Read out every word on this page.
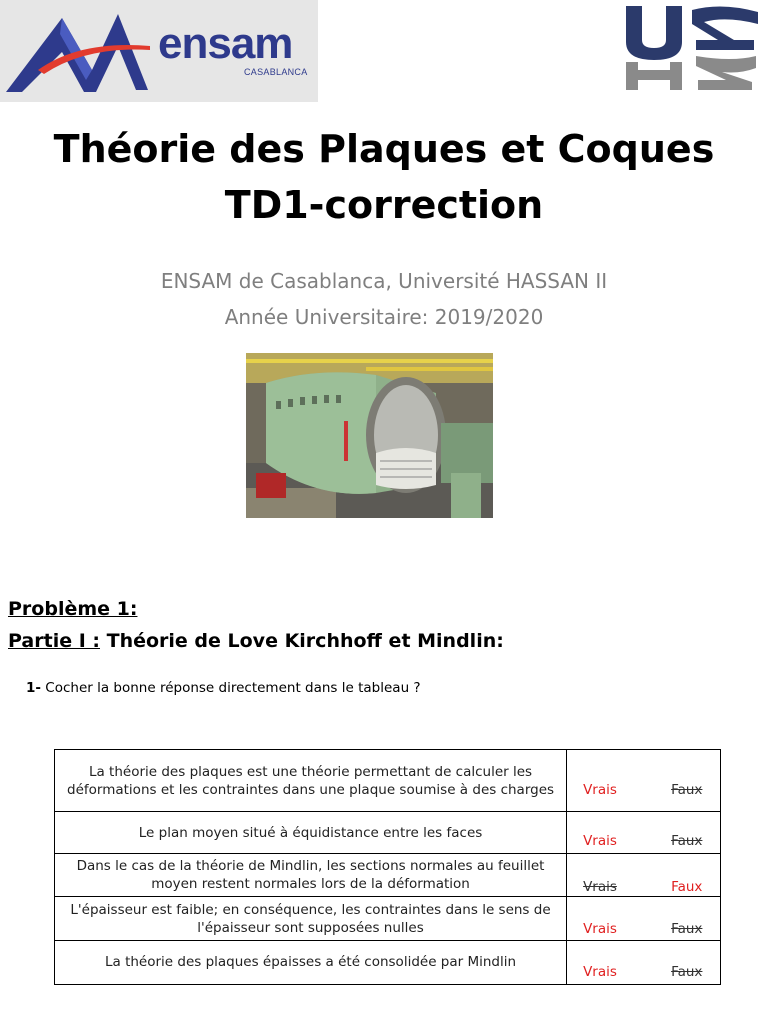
ensam
CASABLANCA
Théorie des Plaques et Coques
TD1-correction
ENSAM de Casablanca, Université HASSAN II
Année Universitaire: 2019/2020
Problème 1:
Partie I : Théorie de Love Kirchhoff et Mindlin:
1- Cocher la bonne réponse directement dans le tableau ?
La théorie des plaques est une théorie permettant de calculer les déformations et les contraintes dans une plaque soumise à des charges	Vrais Faux

Le plan moyen situé à équidistance entre les faces	Vrais Faux

Dans le cas de la théorie de Mindlin, les sections normales au feuillet moyen restent normales lors de la déformation	Vrais Faux

L'épaisseur est faible; en conséquence, les contraintes dans le sens de l'épaisseur sont supposées nulles	Vrais Faux

La théorie des plaques épaisses a été consolidée par Mindlin	Vrais Faux
